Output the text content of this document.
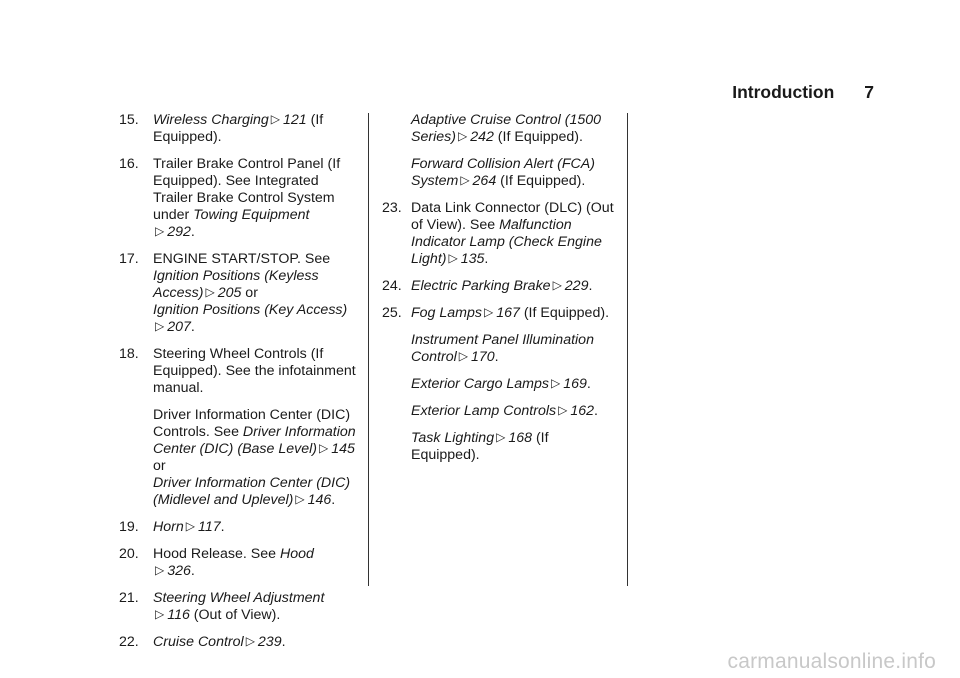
Introduction 7
15. Wireless Charging ▷ 121 (If Equipped).
16. Trailer Brake Control Panel (If Equipped). See Integrated Trailer Brake Control System under Towing Equipment
▷ 292.
17. ENGINE START/STOP. See
Ignition Positions (Keyless Access) ▷ 205 or
Ignition Positions (Key Access)
▷ 207.
18. Steering Wheel Controls (If Equipped). See the infotainment manual.
Driver Information Center (DIC) Controls. See Driver Information Center (DIC) (Base Level) ▷ 145 or
Driver Information Center (DIC) (Midlevel and Uplevel) ▷ 146.
19. Horn ▷ 117.
20. Hood Release. See Hood
▷ 326.
21. Steering Wheel Adjustment
▷ 116 (Out of View).
22. Cruise Control ▷ 239.
Adaptive Cruise Control (1500 Series) ▷ 242 (If Equipped).
Forward Collision Alert (FCA) System ▷ 264 (If Equipped).
23. Data Link Connector (DLC) (Out of View). See Malfunction Indicator Lamp (Check Engine Light) ▷ 135.
24. Electric Parking Brake ▷ 229.
25. Fog Lamps ▷ 167 (If Equipped).
Instrument Panel Illumination Control ▷ 170.
Exterior Cargo Lamps ▷ 169.
Exterior Lamp Controls ▷ 162.
Task Lighting ▷ 168 (If Equipped).
carmanualsonline.info
